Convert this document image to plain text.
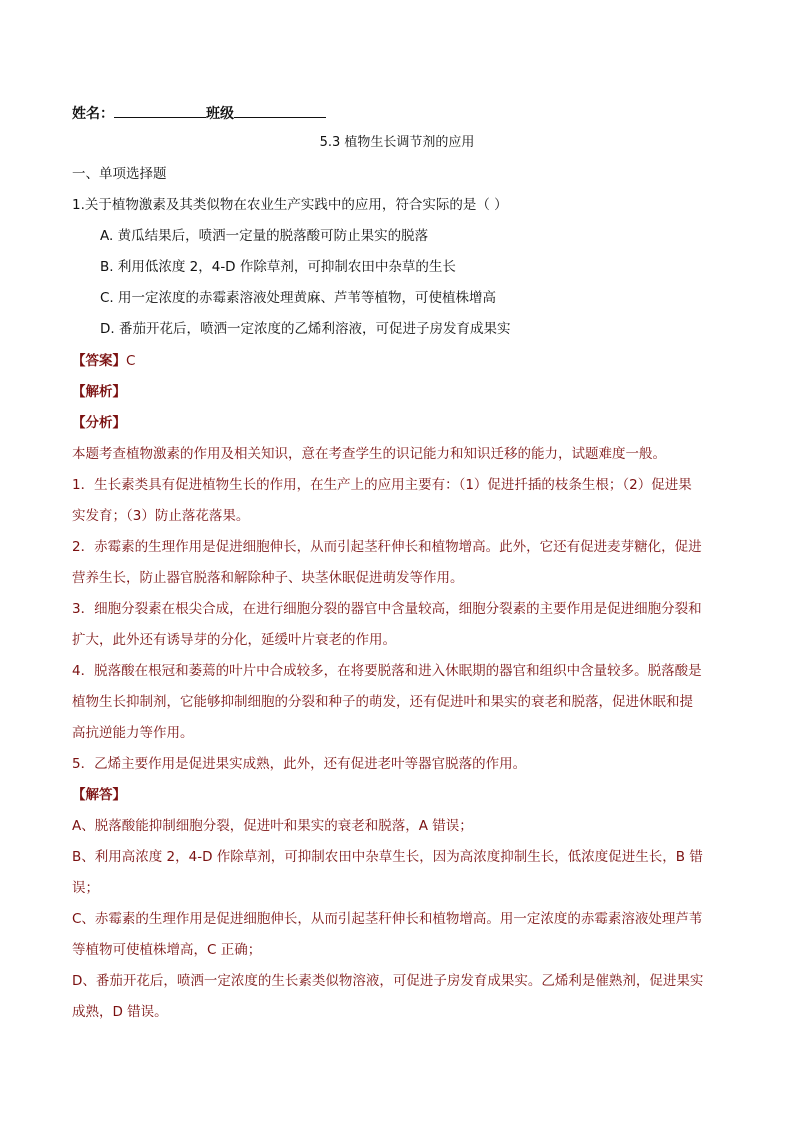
姓名：	班级
5.3 植物生长调节剂的应用
一、单项选择题
1.关于植物激素及其类似物在农业生产实践中的应用，符合实际的是（ ）
A. 黄瓜结果后，喷洒一定量的脱落酸可防止果实的脱落
B. 利用低浓度 2，4-D 作除草剂，可抑制农田中杂草的生长
C. 用一定浓度的赤霉素溶液处理黄麻、芦苇等植物，可使植株增高
D. 番茄开花后，喷洒一定浓度的乙烯利溶液，可促进子房发育成果实
【答案】C
【解析】
【分析】
本题考查植物激素的作用及相关知识，意在考查学生的识记能力和知识迁移的能力，试题难度一般。
1．生长素类具有促进植物生长的作用，在生产上的应用主要有：（1）促进扦插的枝条生根；（2）促进果
实发育；（3）防止落花落果。
2．赤霉素的生理作用是促进细胞伸长，从而引起茎秆伸长和植物增高。此外，它还有促进麦芽糖化，促进
营养生长，防止器官脱落和解除种子、块茎休眠促进萌发等作用。
3．细胞分裂素在根尖合成，在进行细胞分裂的器官中含量较高，细胞分裂素的主要作用是促进细胞分裂和
扩大，此外还有诱导芽的分化，延缓叶片衰老的作用。
4．脱落酸在根冠和萎蔫的叶片中合成较多，在将要脱落和进入休眠期的器官和组织中含量较多。脱落酸是
植物生长抑制剂，它能够抑制细胞的分裂和种子的萌发，还有促进叶和果实的衰老和脱落，促进休眠和提
高抗逆能力等作用。
5．乙烯主要作用是促进果实成熟，此外，还有促进老叶等器官脱落的作用。
【解答】
A、脱落酸能抑制细胞分裂，促进叶和果实的衰老和脱落，A 错误；
B、利用高浓度 2，4-D 作除草剂，可抑制农田中杂草生长，因为高浓度抑制生长，低浓度促进生长，B 错
误；
C、赤霉素的生理作用是促进细胞伸长，从而引起茎秆伸长和植物增高。用一定浓度的赤霉素溶液处理芦苇
等植物可使植株增高，C 正确；
D、番茄开花后，喷洒一定浓度的生长素类似物溶液，可促进子房发育成果实。乙烯利是催熟剂，促进果实
成熟，D 错误。
